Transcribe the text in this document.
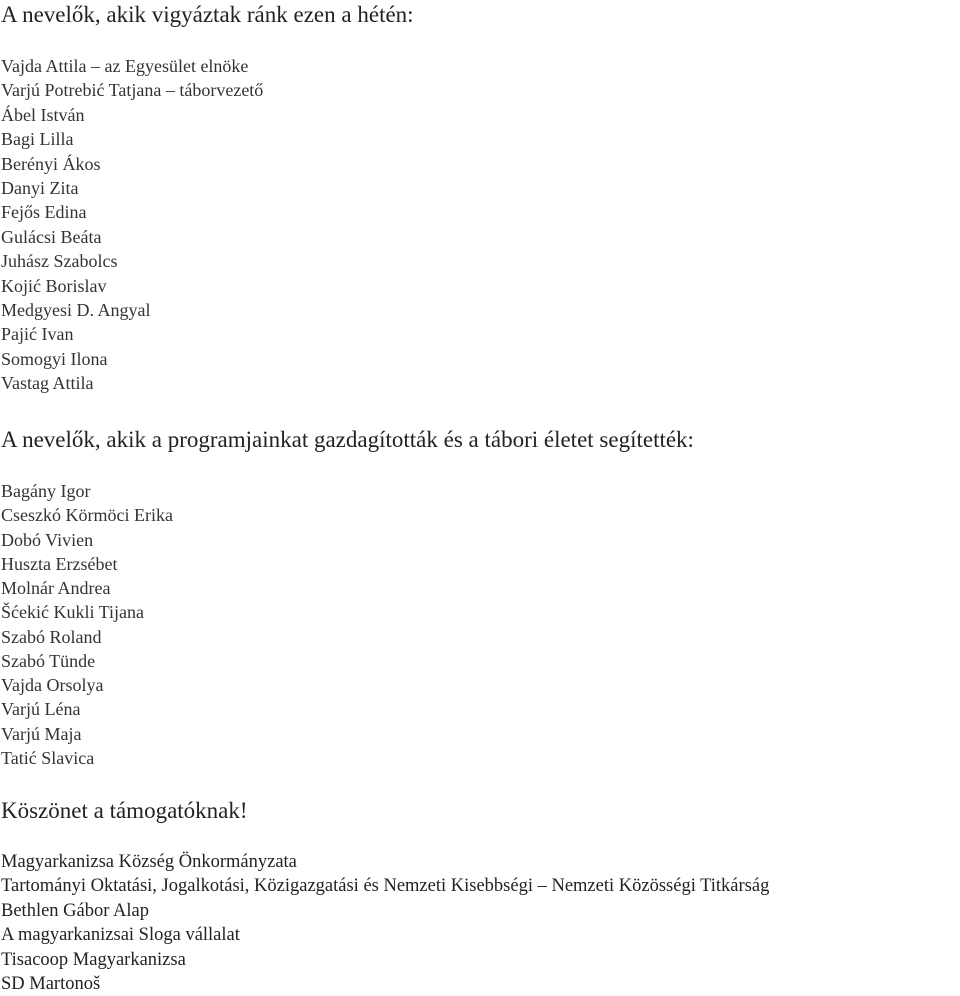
A nevelők, akik vigyáztak ránk ezen a hétén:
Vajda Attila – az Egyesület elnöke
Varjú Potrebić Tatjana – táborvezető
Ábel István
Bagi Lilla
Berényi Ákos
Danyi Zita
Fejős Edina
Gulácsi Beáta
Juhász Szabolcs
Kojić Borislav
Medgyesi D. Angyal
Pajić Ivan
Somogyi Ilona
Vastag Attila
A nevelők, akik a programjainkat gazdagították és a tábori életet segítették:
Bagány Igor
Cseszkó Körmöci Erika
Dobó Vivien
Huszta Erzsébet
Molnár Andrea
Šćekić Kukli Tijana
Szabó Roland
Szabó Tünde
Vajda Orsolya
Varjú Léna
Varjú Maja
Tatić Slavica
Köszönet a támogatóknak!
Magyarkanizsa Község Önkormányzata
Tartományi Oktatási, Jogalkotási, Közigazgatási és Nemzeti Kisebbségi – Nemzeti Közösségi Titkárság
Bethlen Gábor Alap
A magyarkanizsai Sloga vállalat
Tisacoop Magyarkanizsa
SD Martonoš
